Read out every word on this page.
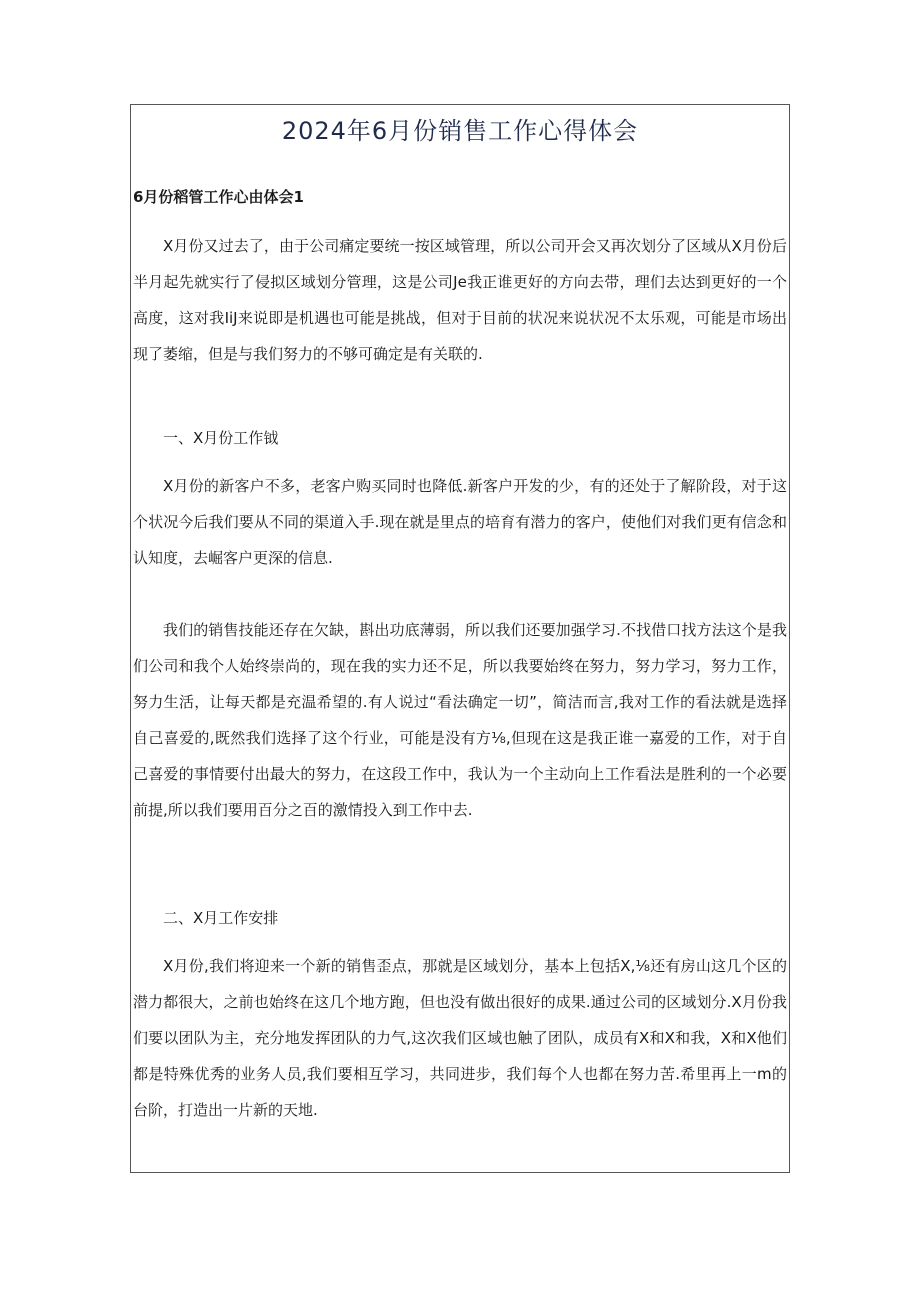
2024年6月份销售工作心得体会
6月份稻管工作心由体会1

X月份又过去了，由于公司痛定要统一按区域管理，所以公司开会又再次划分了区域从X月份后半月起先就实行了侵拟区域划分管理，这是公司Je我正谁更好的方向去带，理们去达到更好的一个高度，这对我IiJ来说即是机遇也可能是挑战，但对于目前的状况来说状况不太乐观，可能是市场出现了萎缩，但是与我们努力的不够可确定是有关联的.

一、X月份工作钺

X月份的新客户不多，老客户购买同时也降低.新客户开发的少，有的还处于了解阶段，对于这个状况今后我们要从不同的渠道入手.现在就是里点的培育有潜力的客户，使他们对我们更有信念和认知度，去崛客户更深的信息.

我们的销售技能还存在欠缺，斟出功底薄弱，所以我们还要加强学习.不找借口找方法这个是我们公司和我个人始终崇尚的，现在我的实力还不足，所以我要始终在努力，努力学习，努力工作，努力生活，让每天都是充温希望的.有人说过“看法确定一切”，简洁而言,我对工作的看法就是选择自己喜爱的,既然我们选择了这个行业，可能是没有方⅛,但现在这是我正谁一嘉爱的工作，对于自己喜爱的事情要付出最大的努力，在这段工作中，我认为一个主动向上工作看法是胜利的一个必要前提,所以我们要用百分之百的激情投入到工作中去.

二、X月工作安排

X月份,我们将迎来一个新的销售歪点，那就是区域划分，基本上包括X,⅛还有房山这几个区的潜力都很大，之前也始终在这几个地方跑，但也没有做出很好的成果.通过公司的区域划分.X月份我们要以团队为主，充分地发挥团队的力气,这次我们区域也触了团队，成员有X和X和我，X和X他们都是特殊优秀的业务人员,我们要相互学习，共同进步，我们每个人也都在努力苦.希里再上一m的台阶，打造出一片新的天地.
